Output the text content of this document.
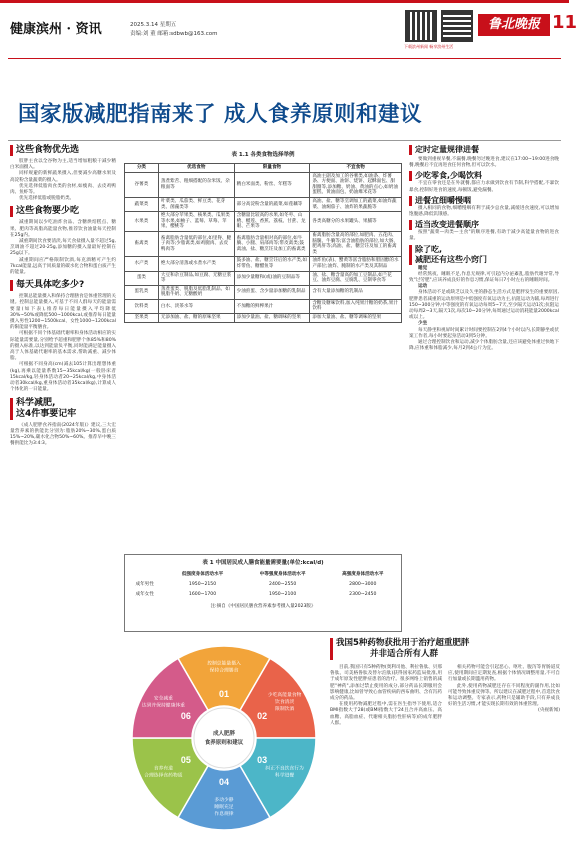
健康滨州 · 资讯	2025.3.14 星期五
责编:刘 董 邮箱:sdbwb@163.com
下载滨州新闻 畅享滨州生活
鲁北晚报 11
国家版减肥指南来了 成人食养原则和建议
这些食物优先选

肢胖主食以全谷物为主,适当增加粗粮干减少精白米面摄入。

同样规避的新鲜蔬果摄入,但要减少高糖水果及高淀粉含量蔬菜的摄入。

优先选择低脂肉食类的食材,如瘦肉、去皮鸡鸭肉、鱼虾等。

优先选择低脂或脱脂奶类。

这些食物要少吃

减重期间以少吃油炸食品、含糖烘焙糕点、糖果、肥肉等高脂高能量食物,推荐饮食油量每天控制在25g内。

减重期间饮食要清淡,每天食盐摄入量不超过5g,烹调油不超过20-25g,添加糖的摄入量最好控制在25g以下。

减重期间应严格限制饮酒,每克酒精可产生约7kcal能量,远高于同质量的碳水化合物和蛋白质产生的能量。

每天具体吃多少?

控制总能量摄入和保持合理膳食是体重管理的关键。控制总能量摄入,可基于不同人群每天的能量需要量(如下表),推荐每日能量摄入平均降低30%~50%或降低500~1000kcal,或推荐每日能量摄入男性1200~1500kcal、女性1000~1200kcal的限能量平衡膳食。

可根据不同个体基础代谢率和身体活动相应的实际能量需要量,分别给予超重和肥胖个体85%和80%的摄入标准,以达到能量负平衡,同时能满足能量摄入高于人体基础代谢率的基本需求,帮助减重、减少体脂。

可根据不同身高(cm)减去105计算出理想体重(kg),再乘以能量系数15~35kcal/kg(一般卧床者15kcal/kg,轻身体活动者20~25kcal/kg,中身体活动者30kcal/kg,重身体活动者35kcal/kg),计算成人个体化的一日能量。

科学减肥,
这4件事要记牢

《成人肥胖食养指南(2024年版)》建议,三大宏量营养素的供能比分别为:脂肪20%~30%,蛋白质15%~20%,碳水化合物50%~60%。推荐早中晚三餐供能比为3:4:3。

表 1.1 各类食物选择举例
分类	优选食物	限量食物	不宜食物
谷薯类	蒸煮紫苕、粗细搭配的杂米饭、杂粮面等	精白米面类、粉丝、年糕等	高油主副及加工的谷薯类,如油条、炸薯条、方便面、油饼、烧饼、起酥面包、甜甜圈等,添加糖、奶油、黄油的点心,如奶油蛋糕、黄油面包、奶油爆米花等
蔬菜类	叶菜类、瓜茄类、鲜豆类、花芽类、菌藻类等	部分高淀粉含量的蔬菜,如莲藕等	高油、盐、糖等烹调加工的蔬菜,如油炸蔬菜、油焖茄子、油炸的果蔬脆等
水果类	绝大部分苹果类、核果类、瓜果类等水果,如柚子、蓝莓、草莓、苹果、樱桃等	含糖量比较高的水果,如冬枣、山楂、榴莲、香蕉、荔枝、甘蔗、龙眼、芒果等	各类高糖分的水果罐头、果脯等
畜禽类	畜禽脂肪含量低的部位,如里脊、腱子肉等;少脂禽类,如鸡腿肉、去皮鸭肉等	畜禽脂肪含量相对高的部位,如牛腩、小腿、肩部肉等;带皮禽类;鼓禽油、盐、糖烹饪及加工的畜禽类	畜禽脂肪含量高的部位,如肥肉、五花肉、脑髓、牛腩等;富含油脂肪的部位,如大肠、肥鸡肝等;高油、盐、糖烹饪及加工的畜禽类
水产类	绝大部分清蒸或水煮水产类	鼓多油、盐、糖烹饪后的水产类,如炸带鱼、糖醋鱼等	油炸鱼(表)、蟹黄等富含脂肪和胆固醇的水产部位;油炸、腌制的水产类及其制品
蛋类	大豆和杂豆制品,如豆腐、无糖豆浆等	添加少量糖和(或)油的豆制品等	油、盐、糖含量高的加工豆制品,如兰花豆、油炸豆腐、豆腐乳、豆制零食等
蛋乳类	蒸煮蛋类、脱脂及低脂乳制品、如脱脂牛奶、无糖酸奶	少油煎蛋、含少量添加糖的乳制品	含有大量添加糖的乳制品
饮料类	白水、淡茶水等	不加糖的鲜榨果汁	含糖及糖味饮料,加入纯果汁糖的奶茶,果汁饮料
坚果类	无添加油、盐、糖的原味坚果	添加少量油、盐、糖调味的坚果	添加大量油、盐、糖等调味的坚果
表 1 中国居民成人膳食能量需要量(单位:kcal/d)
	低强度身体活动水平	中等强度身体活动水平	高强度身体活动水平
成年男性	1950~2150	2400~2550	2800~3000
成年女性	1600~1700	1950~2100	2300~2450
注:摘自《中国居民膳食营养素参考摄入量2023版》
01
控制总能量摄入
保持合理膳食
02
少吃高能量食物
饮食清淡
限制饮酒
03
纠正不良饮食行为
科学进餐
04
多动少静
睡眠充足
作息规律
05
食养有道
合理选择食药物质
06
安全减重
达到并保持健康体重
成人肥胖
食养原则和建议
定时定量规律进餐

要做到重视早餐,不漏餐,晚餐勿过晚进食,建议在17:00~19:00进食晚餐,晚餐后不宜再进食任何食物,但可以饮水。

少吃零食,少喝饮料

不宜在零食还是在外就餐,都应力求做到饮食有节制,科学搭配,不暴饮暴食,控制好进食的速度,每顿饭,避免漏餐。

进餐宜细嚼慢咽

摄入相同的食物,细嚼慢咽有利于减少总食量,减缓进食速度,可以增加饱腹感,降低饥饿感。

适当改变进餐顺序

按照"蔬菜—肉类—主食"的顺序进餐,有助于减少高能量食物的进食量。

除了吃,
减肥还有这些小窍门
睡觉

经常熬夜、睡眠不足,作息无规律,可引起内分泌紊乱,脂肪代谢异常,导致"过劳肥",应该养成良好的作息习惯,保证每日7小时左右的睡眠时间。

运动

身体活动不足或缺乏以及久坐的静态生活方式是肥胖发生的重要原因,肥胖患者减重的运动原则是中低强度有氧运动为主,抗阻运动为辅,每周进行150~300分钟,中等强度的有氧运动每周5~7天,至少隔天运动1次;抗阻运动每周2~3天,隔天1次,每次10~20分钟,每周通过运动消耗能量2000kcal或以上。

少坐

每天静坐和视屏时间累计时间要控制在2到4个小时以内,长期静坐或伏案工作者,每小时要起身活动3到5分钟。

通过合理控制饮食和运动,减少个体脂肪含量,还应该避免体重过快地下降,应体重和体脂减少,每月2到4公斤为宜。

我国5种药物获批用于治疗超重肥胖
并非适合所有人群

目前,我国只有5种药物(奥利司他、利拉鲁肽、贝那鲁肽、司美格鲁肽及替尔泊肽)获得国家药监局批准,用于成年原发性肥胖症患者的治疗。很多网络上销售的减肥"神药",添加过禁止使用的成分,部分药品长期服用会影响健康,比如曾导致心血管疾病的西布曲明、含有泻药成分的药品。

在使用药物减肥过程中,需在医生指导下使用,适合BMI指数大于28(或BMI指数大于24且合并高血压、高血糖、高脂血症、代谢相关脂肪性肝病等)的成年肥胖人群。

相关药物可能会引起恶心、呕吐、腹泻等胃肠道反应,使用期间应定期复查,根据个体情况调整用量,不可自行加量或长期滥用药物。

此外,使用药物减肥还存在不同程度的副作用,比如可能导致体重反弹等。所以建议在减肥过程中,首选饮食和运动调整。专家表示,药物只是辅助手段,只有养成良好的生活习惯,才能实现长期有效的体重管理。

(央视新闻)
